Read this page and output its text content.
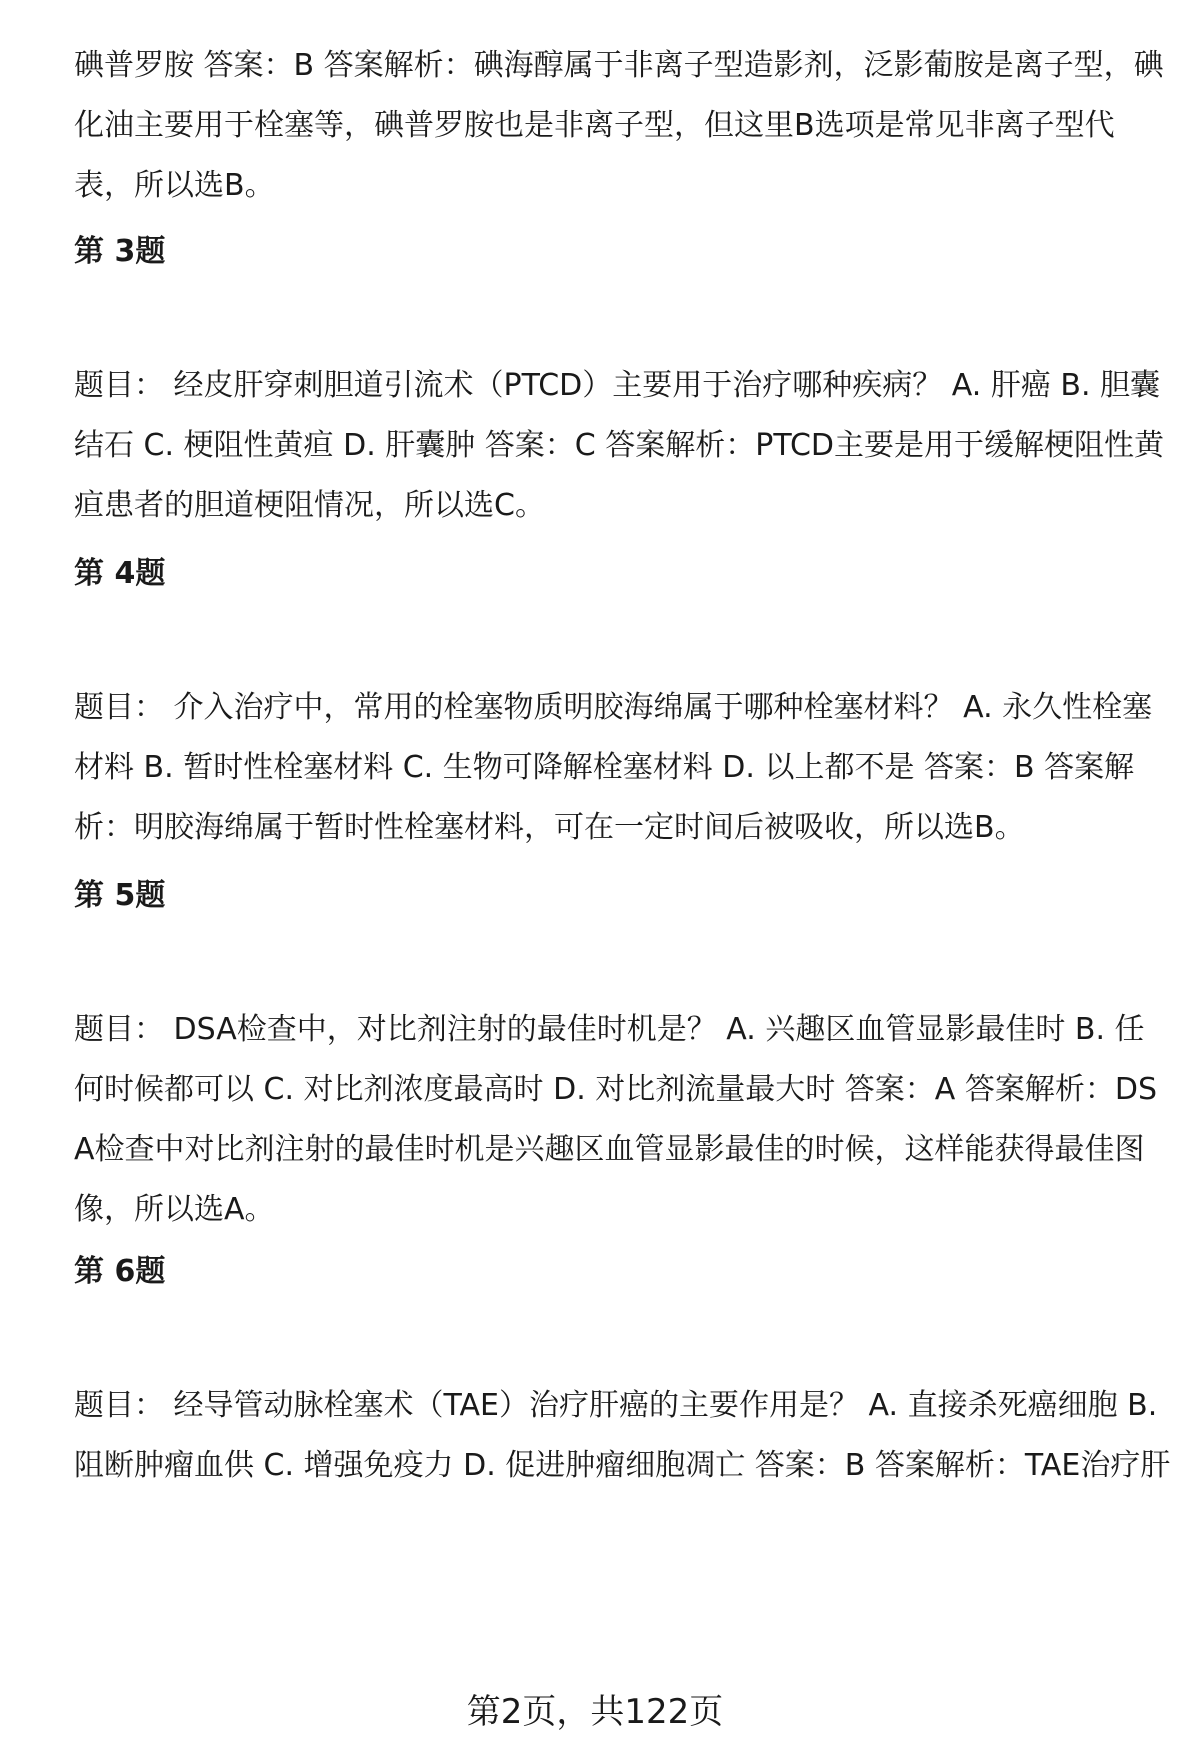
碘普罗胺 答案：B 答案解析：碘海醇属于非离子型造影剂，泛影葡胺是离子型，碘化油主要用于栓塞等，碘普罗胺也是非离子型，但这里B选项是常见非离子型代表，所以选B。
第 3题
题目： 经皮肝穿刺胆道引流术（PTCD）主要用于治疗哪种疾病？ A. 肝癌 B. 胆囊结石 C. 梗阻性黄疸 D. 肝囊肿 答案：C 答案解析：PTCD主要是用于缓解梗阻性黄疸患者的胆道梗阻情况，所以选C。
第 4题
题目： 介入治疗中，常用的栓塞物质明胶海绵属于哪种栓塞材料？ A. 永久性栓塞材料 B. 暂时性栓塞材料 C. 生物可降解栓塞材料 D. 以上都不是 答案：B 答案解析：明胶海绵属于暂时性栓塞材料，可在一定时间后被吸收，所以选B。
第 5题
题目： DSA检查中，对比剂注射的最佳时机是？ A. 兴趣区血管显影最佳时 B. 任何时候都可以 C. 对比剂浓度最高时 D. 对比剂流量最大时 答案：A 答案解析：DSA检查中对比剂注射的最佳时机是兴趣区血管显影最佳的时候，这样能获得最佳图像，所以选A。
第 6题
题目： 经导管动脉栓塞术（TAE）治疗肝癌的主要作用是？ A. 直接杀死癌细胞 B. 阻断肿瘤血供 C. 增强免疫力 D. 促进肿瘤细胞凋亡 答案：B 答案解析：TAE治疗肝
第2页，共122页
